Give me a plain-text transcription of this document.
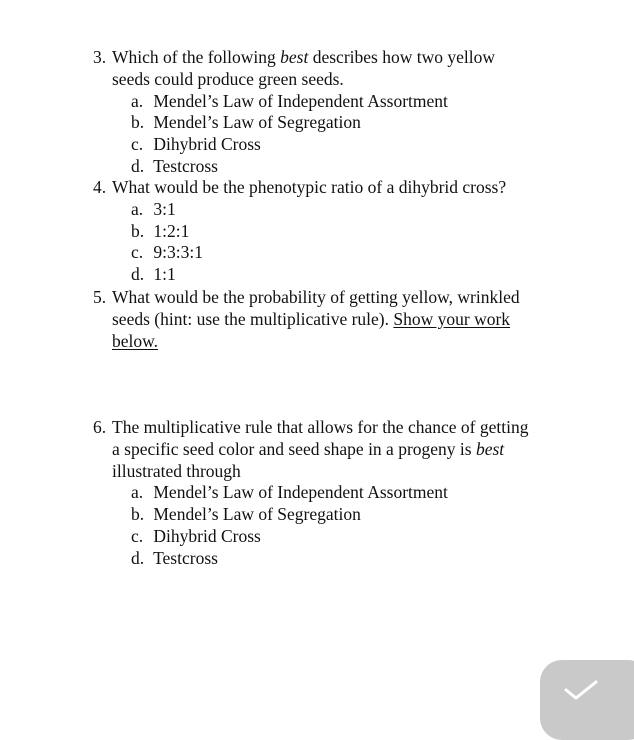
3. Which of the following best describes how two yellow
seeds could produce green seeds.
a. Mendel’s Law of Independent Assortment
b. Mendel’s Law of Segregation
c. Dihybrid Cross
d. Testcross
4. What would be the phenotypic ratio of a dihybrid cross?
a. 3:1
b. 1:2:1
c. 9:3:3:1
d. 1:1
5. What would be the probability of getting yellow, wrinkled
seeds (hint: use the multiplicative rule). Show your work
below.
6. The multiplicative rule that allows for the chance of getting
a specific seed color and seed shape in a progeny is best
illustrated through
a. Mendel’s Law of Independent Assortment
b. Mendel’s Law of Segregation
c. Dihybrid Cross
d. Testcross
